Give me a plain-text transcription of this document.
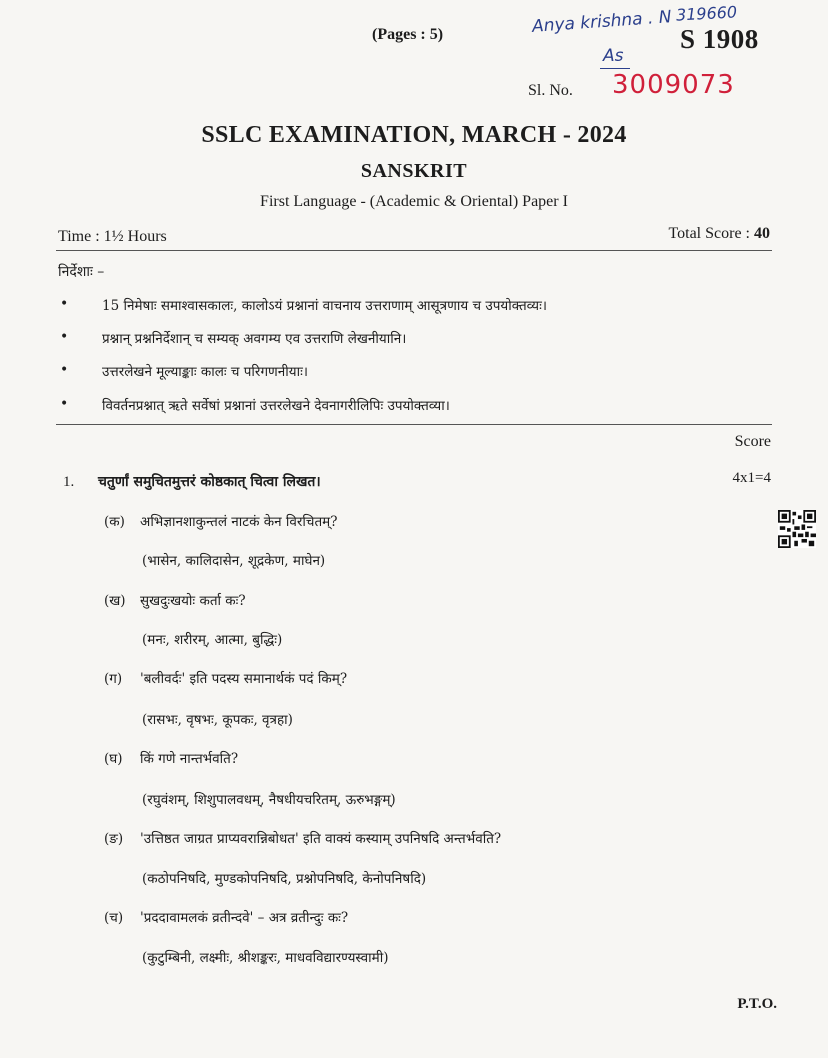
(Pages : 5)	Anya krishna . N 319660
As
S 1908
Sl. No. 3009073
SSLC EXAMINATION, MARCH - 2024
SANSKRIT
First Language - (Academic & Oriental) Paper I
Time : 1½ Hours	Total Score : 40
निर्देशाः –
•	15 निमेषाः समाश्वासकालः, कालोऽयं प्रश्नानां वाचनाय उत्तराणाम् आसूत्रणाय च उपयोक्तव्यः।
•	प्रश्नान् प्रश्ननिर्देशान् च सम्यक् अवगम्य एव उत्तराणि लेखनीयानि।
•	उत्तरलेखने मूल्याङ्काः कालः च परिगणनीयाः।
•	विवर्तनप्रश्नात् ऋते सर्वेषां प्रश्नानां उत्तरलेखने देवनागरीलिपिः उपयोक्तव्या।
Score
1. चतुर्णां समुचितमुत्तरं कोष्ठकात् चित्वा लिखत।	4x1=4
(क) अभिज्ञानशाकुन्तलं नाटकं केन विरचितम्?
(भासेन, कालिदासेन, शूद्रकेण, माघेन)
(ख) सुखदुःखयोः कर्ता कः?
(मनः, शरीरम्, आत्मा, बुद्धिः)
(ग) 'बलीवर्दः' इति पदस्य समानार्थकं पदं किम्?
(रासभः, वृषभः, कूपकः, वृत्रहा)
(घ) किं गणे नान्तर्भवति?
(रघुवंशम्, शिशुपालवधम्, नैषधीयचरितम्, ऊरुभङ्गम्)
(ङ) 'उत्तिष्ठत जाग्रत प्राप्यवरान्निबोधत' इति वाक्यं कस्याम् उपनिषदि अन्तर्भवति?
(कठोपनिषदि, मुण्डकोपनिषदि, प्रश्नोपनिषदि, केनोपनिषदि)
(च) 'प्रददावामलकं व्रतीन्दवे' – अत्र व्रतीन्दुः कः?
(कुटुम्बिनी, लक्ष्मीः, श्रीशङ्करः, माधवविद्यारण्यस्वामी)
P.T.O.
